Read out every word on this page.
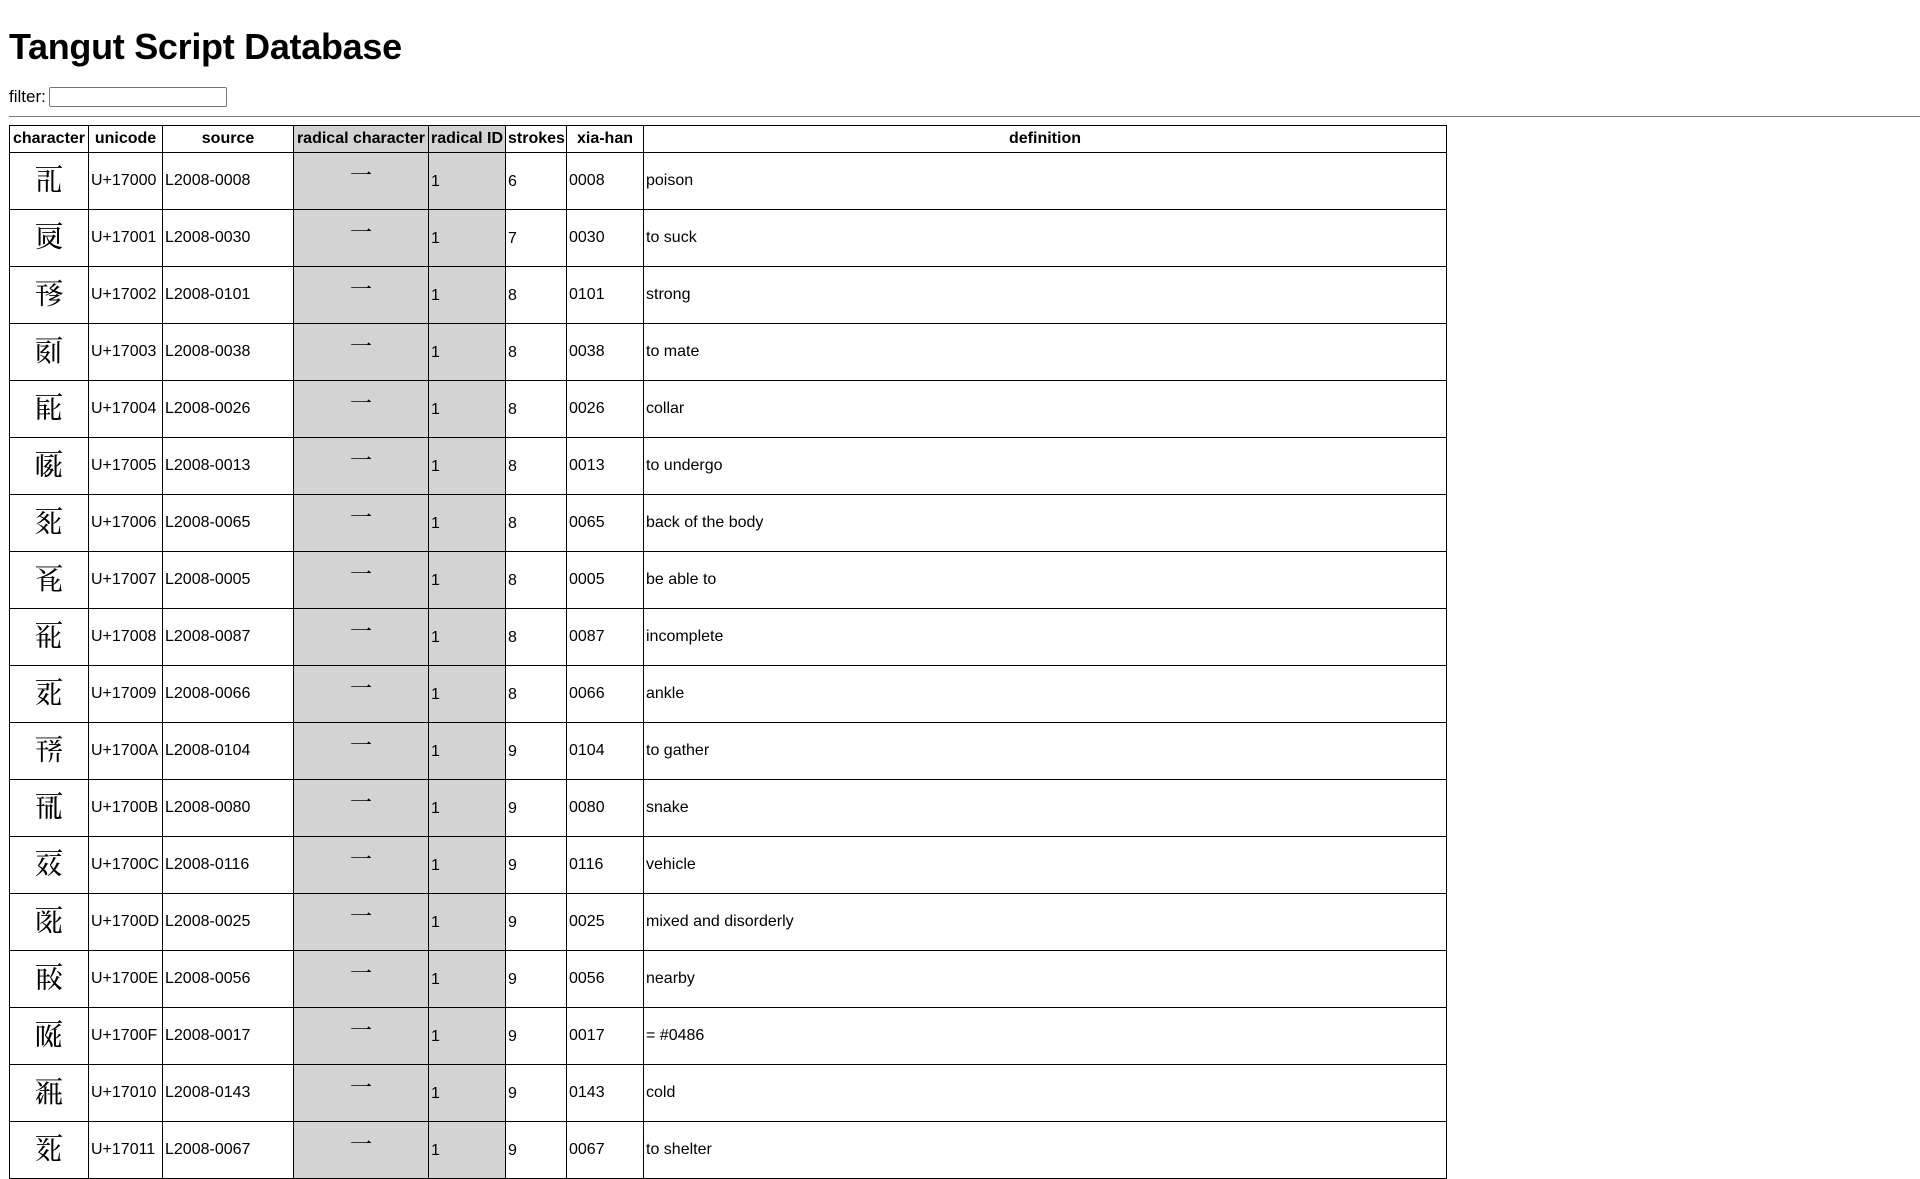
Tangut Script Database
filter:
character	unicode	source	radical character	radical ID	strokes	xia-han	definition
𗀀	U+17000	L2008-0008	一	1	6	0008	poison
𗀁	U+17001	L2008-0030	一	1	7	0030	to suck
𗀂	U+17002	L2008-0101	一	1	8	0101	strong
𗀃	U+17003	L2008-0038	一	1	8	0038	to mate
𗀄	U+17004	L2008-0026	一	1	8	0026	collar
𗀅	U+17005	L2008-0013	一	1	8	0013	to undergo
𗀆	U+17006	L2008-0065	一	1	8	0065	back of the body
𗀇	U+17007	L2008-0005	一	1	8	0005	be able to
𗀈	U+17008	L2008-0087	一	1	8	0087	incomplete
𗀉	U+17009	L2008-0066	一	1	8	0066	ankle
𗀊	U+1700A	L2008-0104	一	1	9	0104	to gather
𗀋	U+1700B	L2008-0080	一	1	9	0080	snake
𗀌	U+1700C	L2008-0116	一	1	9	0116	vehicle
𗀍	U+1700D	L2008-0025	一	1	9	0025	mixed and disorderly
𗀎	U+1700E	L2008-0056	一	1	9	0056	nearby
𗀏	U+1700F	L2008-0017	一	1	9	0017	= #0486
𗀐	U+17010	L2008-0143	一	1	9	0143	cold
𗀑	U+17011	L2008-0067	一	1	9	0067	to shelter
